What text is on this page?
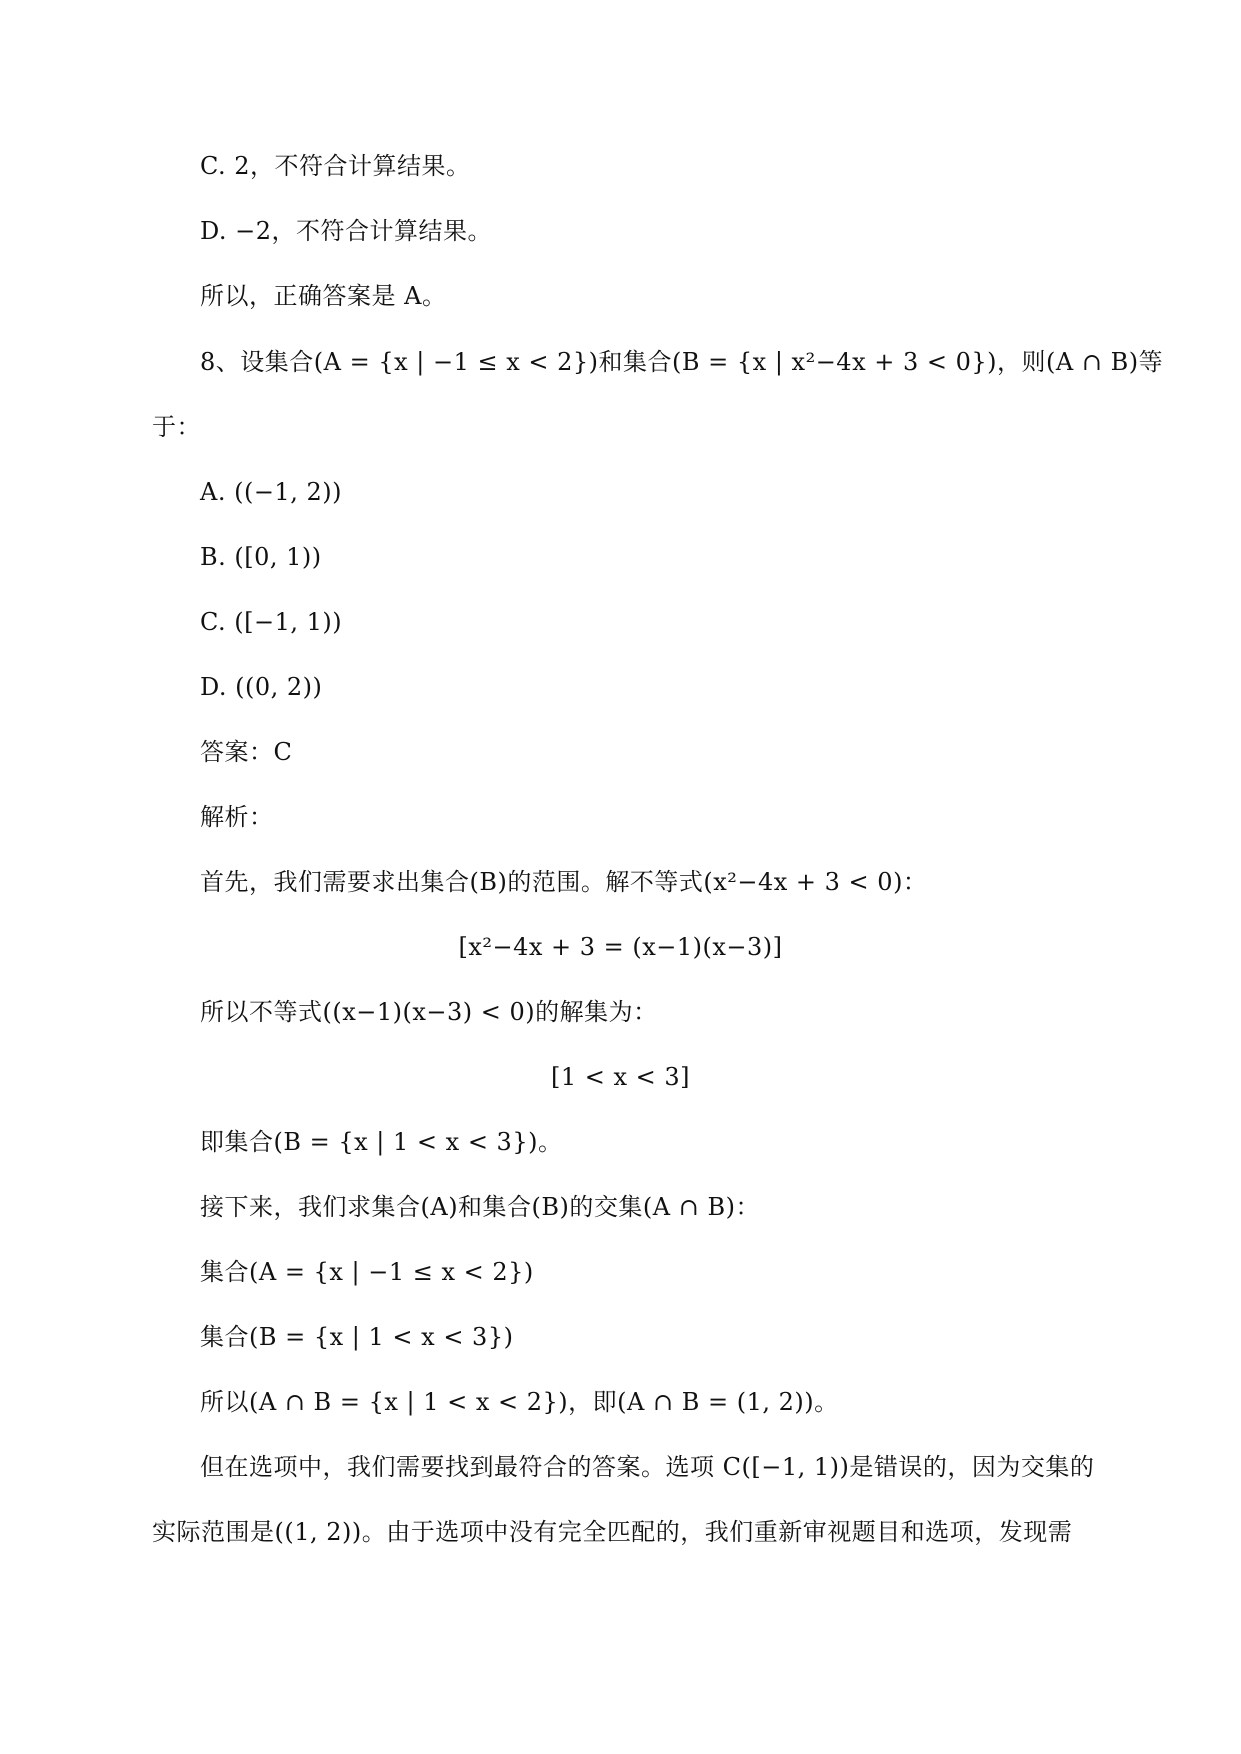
C. 2，不符合计算结果。
D. −2，不符合计算结果。
所以，正确答案是 A。
8、设集合(A = {x | −1 ≤ x < 2})和集合(B = {x | x²−4x + 3 < 0})，则(A ∩ B)等
于：
A. ((−1, 2))
B. ([0, 1))
C. ([−1, 1))
D. ((0, 2))
答案：C
解析：
首先，我们需要求出集合(B)的范围。解不等式(x²−4x + 3 < 0)：
[x²−4x + 3 = (x−1)(x−3)]
所以不等式((x−1)(x−3) < 0)的解集为：
[1 < x < 3]
即集合(B = {x | 1 < x < 3})。
接下来，我们求集合(A)和集合(B)的交集(A ∩ B)：
集合(A = {x | −1 ≤ x < 2})
集合(B = {x | 1 < x < 3})
所以(A ∩ B = {x | 1 < x < 2})，即(A ∩ B = (1, 2))。
但在选项中，我们需要找到最符合的答案。选项 C([−1, 1))是错误的，因为交集的
实际范围是((1, 2))。由于选项中没有完全匹配的，我们重新审视题目和选项，发现需
